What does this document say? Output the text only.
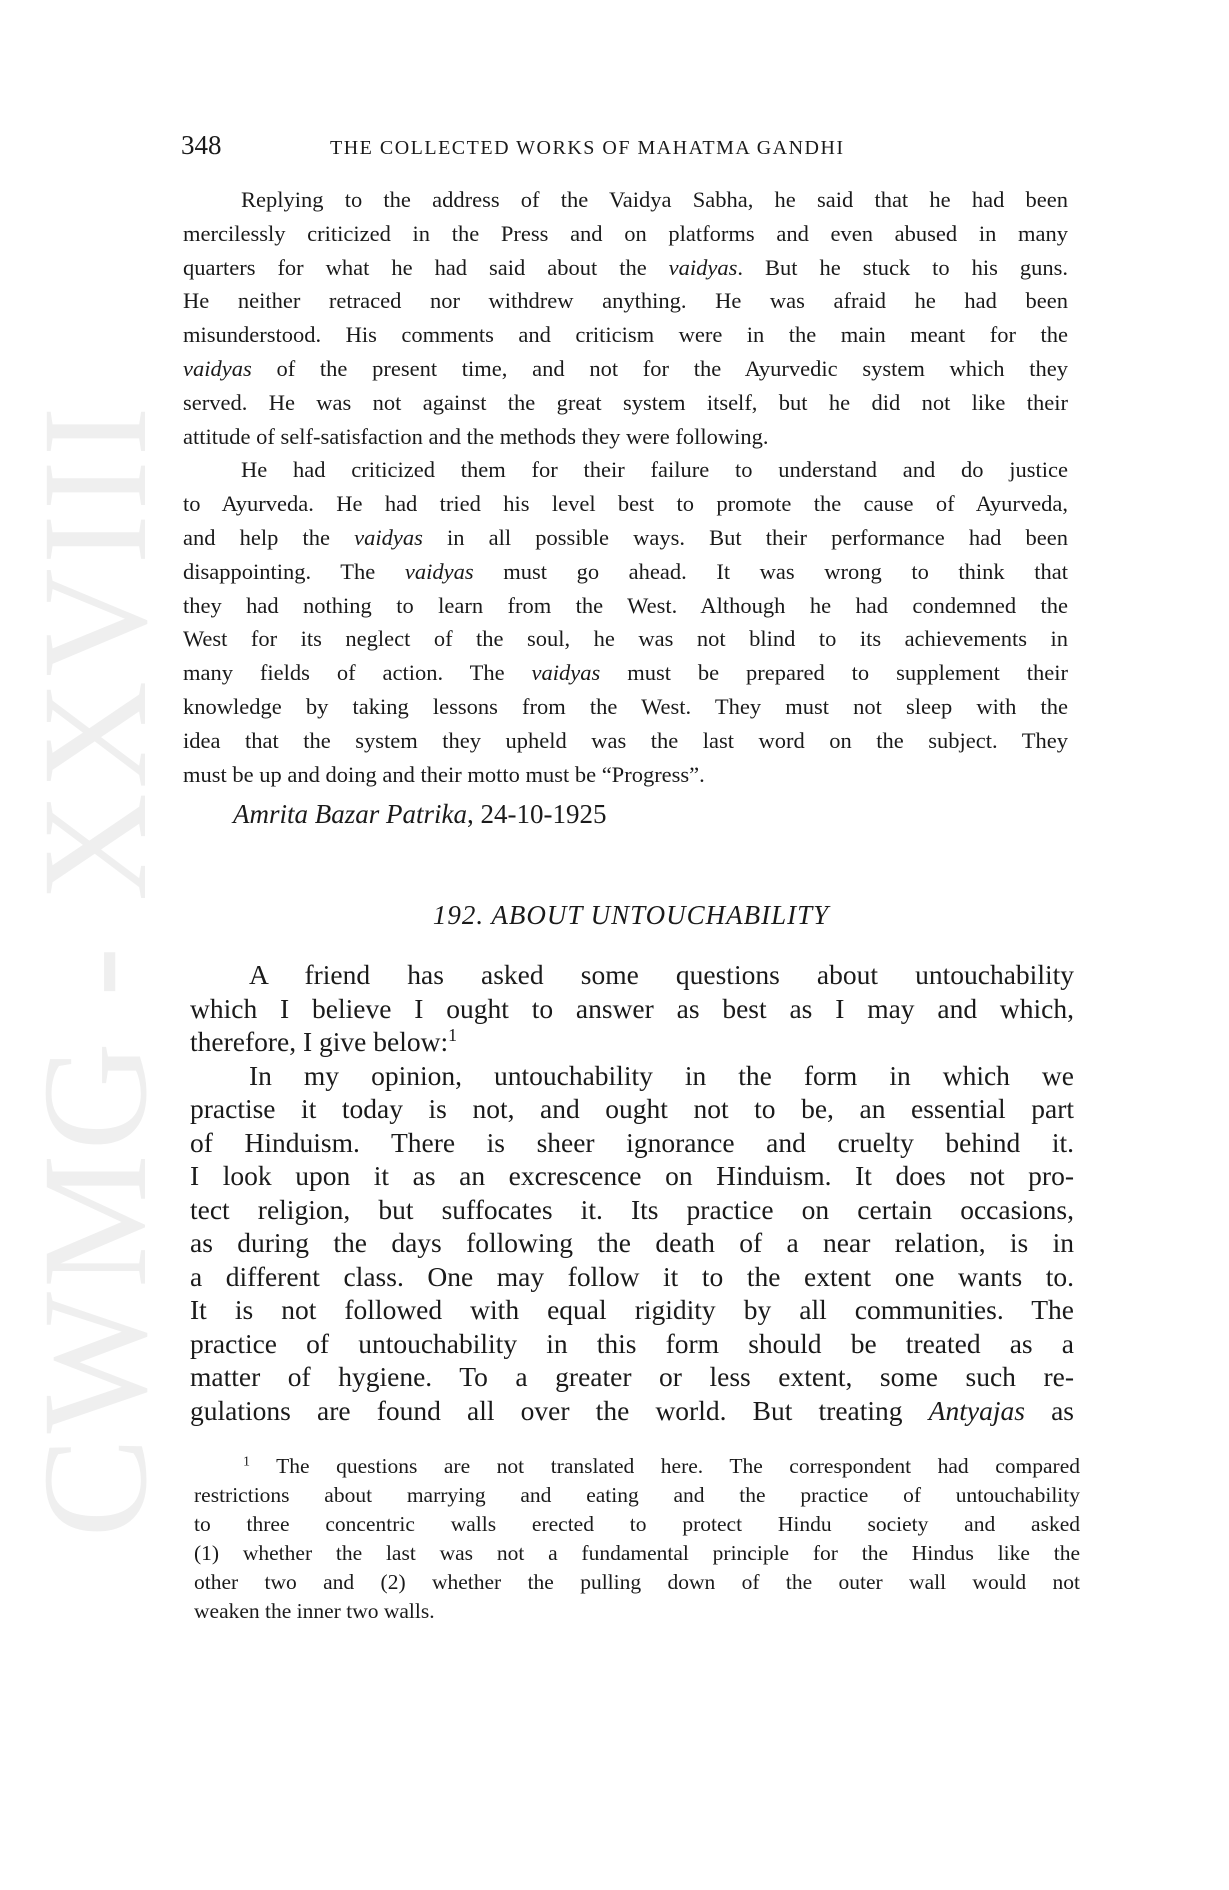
CWMG - XXVIII
348	THE COLLECTED WORKS OF MAHATMA GANDHI
Replying to the address of the Vaidya Sabha, he said that he had been
mercilessly criticized in the Press and on platforms and even abused in many
quarters for what he had said about the vaidyas. But he stuck to his guns.
He neither retraced nor withdrew anything. He was afraid he had been
misunderstood. His comments and criticism were in the main meant for the
vaidyas of the present time, and not for the Ayurvedic system which they
served. He was not against the great system itself, but he did not like their
attitude of self-satisfaction and the methods they were following.
He had criticized them for their failure to understand and do justice
to Ayurveda. He had tried his level best to promote the cause of Ayurveda,
and help the vaidyas in all possible ways. But their performance had been
disappointing. The vaidyas must go ahead. It was wrong to think that
they had nothing to learn from the West. Although he had condemned the
West for its neglect of the soul, he was not blind to its achievements in
many fields of action. The vaidyas must be prepared to supplement their
knowledge by taking lessons from the West. They must not sleep with the
idea that the system they upheld was the last word on the subject. They
must be up and doing and their motto must be “Progress”.
Amrita Bazar Patrika, 24-10-1925
192. ABOUT UNTOUCHABILITY
A friend has asked some questions about untouchability
which I believe I ought to answer as best as I may and which,
therefore, I give below:$^1$
In my opinion, untouchability in the form in which we
practise it today is not, and ought not to be, an essential part
of Hinduism. There is sheer ignorance and cruelty behind it.
I look upon it as an excrescence on Hinduism. It does not pro-
tect religion, but suffocates it. Its practice on certain occasions,
as during the days following the death of a near relation, is in
a different class. One may follow it to the extent one wants to.
It is not followed with equal rigidity by all communities. The
practice of untouchability in this form should be treated as a
matter of hygiene. To a greater or less extent, some such re-
gulations are found all over the world. But treating Antyajas as
$^1$ The questions are not translated here. The correspondent had compared
restrictions about marrying and eating and the practice of untouchability
to three concentric walls erected to protect Hindu society and asked
(1) whether the last was not a fundamental principle for the Hindus like the
other two and (2) whether the pulling down of the outer wall would not
weaken the inner two walls.
